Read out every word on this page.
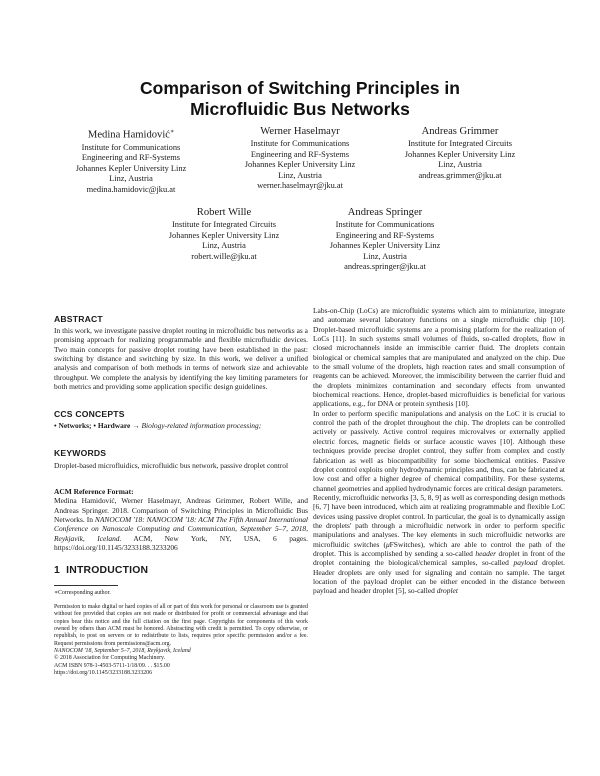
Comparison of Switching Principles in
Microfluidic Bus Networks
Medina Hamidović∗
Institute for Communications
Engineering and RF-Systems
Johannes Kepler University Linz
Linz, Austria
medina.hamidovic@jku.at
Werner Haselmayr
Institute for Communications
Engineering and RF-Systems
Johannes Kepler University Linz
Linz, Austria
werner.haselmayr@jku.at
Andreas Grimmer
Institute for Integrated Circuits
Johannes Kepler University Linz
Linz, Austria
andreas.grimmer@jku.at
Robert Wille
Institute for Integrated Circuits
Johannes Kepler University Linz
Linz, Austria
robert.wille@jku.at
Andreas Springer
Institute for Communications
Engineering and RF-Systems
Johannes Kepler University Linz
Linz, Austria
andreas.springer@jku.at
ABSTRACT
In this work, we investigate passive droplet routing in microfluidic bus networks as a promising approach for realizing programmable and flexible microfluidic devices. Two main concepts for passive droplet routing have been established in the past: switching by distance and switching by size. In this work, we deliver a unified analysis and comparison of both methods in terms of network size and achievable throughput. We complete the analysis by identifying the key limiting parameters for both metrics and providing some application specific design guidelines.
CCS CONCEPTS
• Networks; • Hardware → Biology-related information processing;
KEYWORDS
Droplet-based microfluidics, microfluidic bus network, passive droplet control
ACM Reference Format:
Medina Hamidović, Werner Haselmayr, Andreas Grimmer, Robert Wille, and Andreas Springer. 2018. Comparison of Switching Principles in Microfluidic Bus Networks. In NANOCOM '18: NANOCOM '18: ACM The Fifth Annual International Conference on Nanoscale Computing and Communication, September 5–7, 2018, Reykjavik, Iceland. ACM, New York, NY, USA, 6 pages. https://doi.org/10.1145/3233188.3233206
1 INTRODUCTION
∗Corresponding author.
Permission to make digital or hard copies of all or part of this work for personal or classroom use is granted without fee provided that copies are not made or distributed for profit or commercial advantage and that copies bear this notice and the full citation on the first page. Copyrights for components of this work owned by others than ACM must be honored. Abstracting with credit is permitted. To copy otherwise, or republish, to post on servers or to redistribute to lists, requires prior specific permission and/or a fee. Request permissions from permissions@acm.org.
NANOCOM '18, September 5–7, 2018, Reykjavik, Iceland
© 2018 Association for Computing Machinery.
ACM ISBN 978-1-4503-5711-1/18/09. . . $15.00
https://doi.org/10.1145/3233188.3233206

Labs-on-Chip (LoCs) are microfluidic systems which aim to miniaturize, integrate and automate several laboratory functions on a single microfluidic chip [10]. Droplet-based microfluidic systems are a promising platform for the realization of LoCs [11]. In such systems small volumes of fluids, so-called droplets, flow in closed microchannels inside an immiscible carrier fluid. The droplets contain biological or chemical samples that are manipulated and analyzed on the chip. Due to the small volume of the droplets, high reaction rates and small consumption of reagents can be achieved. Moreover, the immiscibility between the carrier fluid and the droplets minimizes contamination and secondary effects from unwanted biochemical reactions. Hence, droplet-based microfluidics is beneficial for various applications, e.g., for DNA or protein synthesis [10].

In order to perform specific manipulations and analysis on the LoC it is crucial to control the path of the droplet throughout the chip. The droplets can be controlled actively or passively. Active control requires microvalves or externally applied electric forces, magnetic fields or surface acoustic waves [10]. Although these techniques provide precise droplet control, they suffer from complex and costly fabrication as well as biocompatibility for some biochemical entities. Passive droplet control exploits only hydrodynamic principles and, thus, can be fabricated at low cost and offer a higher degree of chemical compatibility. For these systems, channel geometries and applied hydrodynamic forces are critical design parameters.

Recently, microfluidic networks [3, 5, 8, 9] as well as corresponding design methods [6, 7] have been introduced, which aim at realizing programmable and flexible LoC devices using passive droplet control. In particular, the goal is to dynamically assign the droplets' path through a microfluidic network in order to perform specific manipulations and analyses. The key elements in such microfluidic networks are microfluidic switches (μFSwitches), which are able to control the path of the droplet. This is accomplished by sending a so-called header droplet in front of the droplet containing the biological/chemical samples, so-called payload droplet. Header droplets are only used for signaling and contain no sample. The target location of the payload droplet can be either encoded in the distance between payload and header droplet [5], so-called droplet
